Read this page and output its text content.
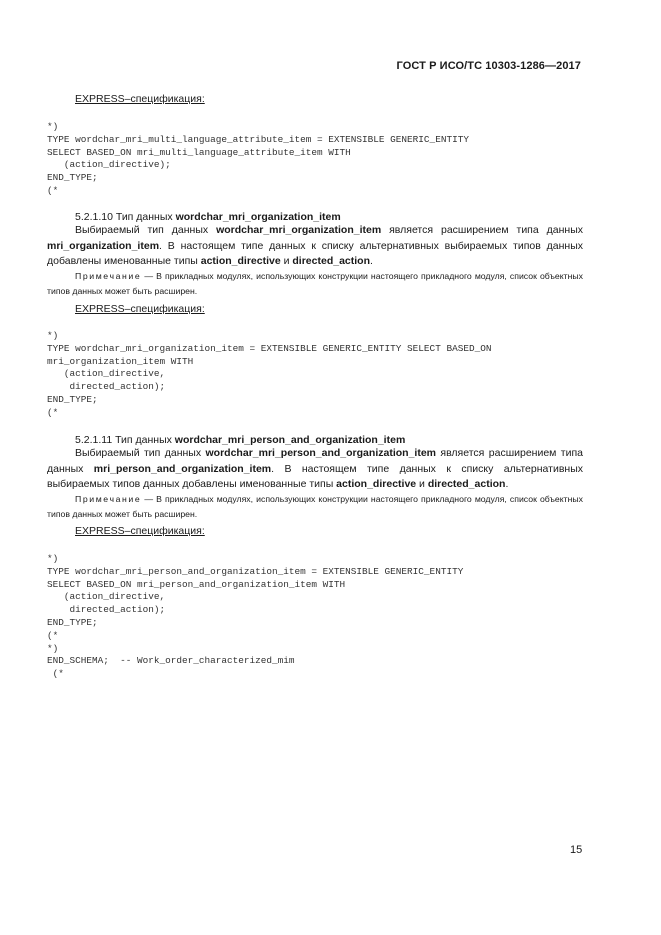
ГОСТ Р ИСО/ТС 10303-1286—2017
EXPRESS–спецификация:
*)
TYPE wordchar_mri_multi_language_attribute_item = EXTENSIBLE GENERIC_ENTITY
SELECT BASED_ON mri_multi_language_attribute_item WITH
(action_directive);
END_TYPE;
(*
5.2.1.10 Тип данных wordchar_mri_organization_item
Выбираемый тип данных wordchar_mri_organization_item является расширением типа данных mri_organization_item. В настоящем типе данных к списку альтернативных выбираемых типов данных добавлены именованные типы action_directive и directed_action.
Примечание — В прикладных модулях, использующих конструкции настоящего прикладного модуля, список объектных типов данных может быть расширен.
EXPRESS–спецификация:
*)
TYPE wordchar_mri_organization_item = EXTENSIBLE GENERIC_ENTITY SELECT BASED_ON
mri_organization_item WITH
(action_directive,
directed_action);
END_TYPE;
(*
5.2.1.11 Тип данных wordchar_mri_person_and_organization_item
Выбираемый тип данных wordchar_mri_person_and_organization_item является расширением типа данных mri_person_and_organization_item. В настоящем типе данных к списку альтернативных выбираемых типов данных добавлены именованные типы action_directive и directed_action.
Примечание — В прикладных модулях, использующих конструкции настоящего прикладного модуля, список объектных типов данных может быть расширен.
EXPRESS–спецификация:
*)
TYPE wordchar_mri_person_and_organization_item = EXTENSIBLE GENERIC_ENTITY
SELECT BASED_ON mri_person_and_organization_item WITH
(action_directive,
directed_action);
END_TYPE;
(*
*)
END_SCHEMA;  -- Work_order_characterized_mim
(*
15
